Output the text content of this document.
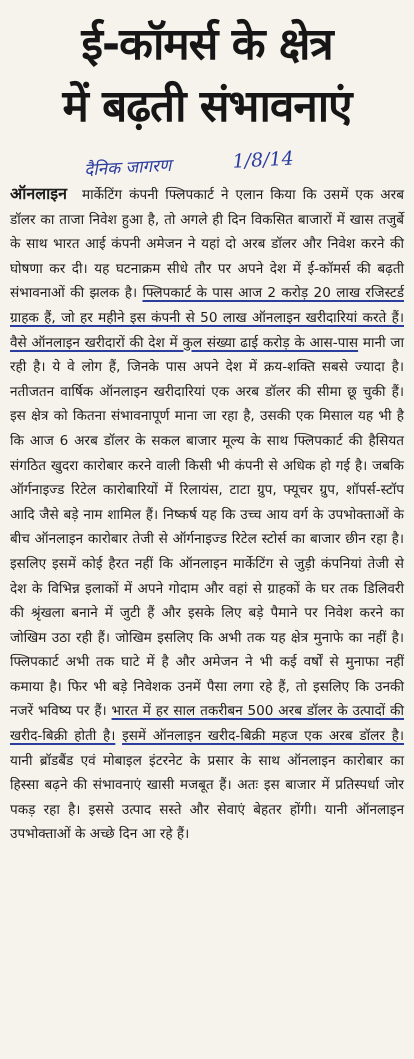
ई-कॉमर्स के क्षेत्र
में बढ़ती संभावनाएं
दैनिक जागरण	1/8/14

ऑनलाइन मार्केटिंग कंपनी फ्लिपकार्ट ने एलान किया कि उसमें एक अरब डॉलर का ताजा निवेश हुआ है, तो अगले ही दिन विकसित बाजारों में खास तजुर्बे के साथ भारत आई कंपनी अमेजन ने यहां दो अरब डॉलर और निवेश करने की घोषणा कर दी। यह घटनाक्रम सीधे तौर पर अपने देश में ई-कॉमर्स की बढ़ती संभावनाओं की झलक है। फ्लिपकार्ट के पास आज 2 करोड़ 20 लाख रजिस्टर्ड ग्राहक हैं, जो हर महीने इस कंपनी से 50 लाख ऑनलाइन खरीदारियां करते हैं। वैसे ऑनलाइन खरीदारों की देश में कुल संख्या ढाई करोड़ के आस-पास मानी जा रही है। ये वे लोग हैं, जिनके पास अपने देश में क्रय-शक्ति सबसे ज्यादा है। नतीजतन वार्षिक ऑनलाइन खरीदारियां एक अरब डॉलर की सीमा छू चुकी हैं। इस क्षेत्र को कितना संभावनापूर्ण माना जा रहा है, उसकी एक मिसाल यह भी है कि आज 6 अरब डॉलर के सकल बाजार मूल्य के साथ फ्लिपकार्ट की हैसियत संगठित खुदरा कारोबार करने वाली किसी भी कंपनी से अधिक हो गई है। जबकि ऑर्गनाइज्ड रिटेल कारोबारियों में रिलायंस, टाटा ग्रुप, फ्यूचर ग्रुप, शॉपर्स-स्टॉप आदि जैसे बड़े नाम शामिल हैं। निष्कर्ष यह कि उच्च आय वर्ग के उपभोक्ताओं के बीच ऑनलाइन कारोबार तेजी से ऑर्गनाइज्ड रिटेल स्टोर्स का बाजार छीन रहा है। इसलिए इसमें कोई हैरत नहीं कि ऑनलाइन मार्केटिंग से जुड़ी कंपनियां तेजी से देश के विभिन्न इलाकों में अपने गोदाम और वहां से ग्राहकों के घर तक डिलिवरी की श्रृंखला बनाने में जुटी हैं और इसके लिए बड़े पैमाने पर निवेश करने का जोखिम उठा रही हैं। जोखिम इसलिए कि अभी तक यह क्षेत्र मुनाफे का नहीं है। फ्लिपकार्ट अभी तक घाटे में है और अमेजन ने भी कई वर्षों से मुनाफा नहीं कमाया है। फिर भी बड़े निवेशक उनमें पैसा लगा रहे हैं, तो इसलिए कि उनकी नजरें भविष्य पर हैं। भारत में हर साल तकरीबन 500 अरब डॉलर के उत्पादों की खरीद-बिक्री होती है। इसमें ऑनलाइन खरीद-बिक्री महज एक अरब डॉलर है। यानी ब्रॉडबैंड एवं मोबाइल इंटरनेट के प्रसार के साथ ऑनलाइन कारोबार का हिस्सा बढ़ने की संभावनाएं खासी मजबूत हैं। अतः इस बाजार में प्रतिस्पर्धा जोर पकड़ रहा है। इससे उत्पाद सस्ते और सेवाएं बेहतर होंगी। यानी ऑनलाइन उपभोक्ताओं के अच्छे दिन आ रहे हैं।
